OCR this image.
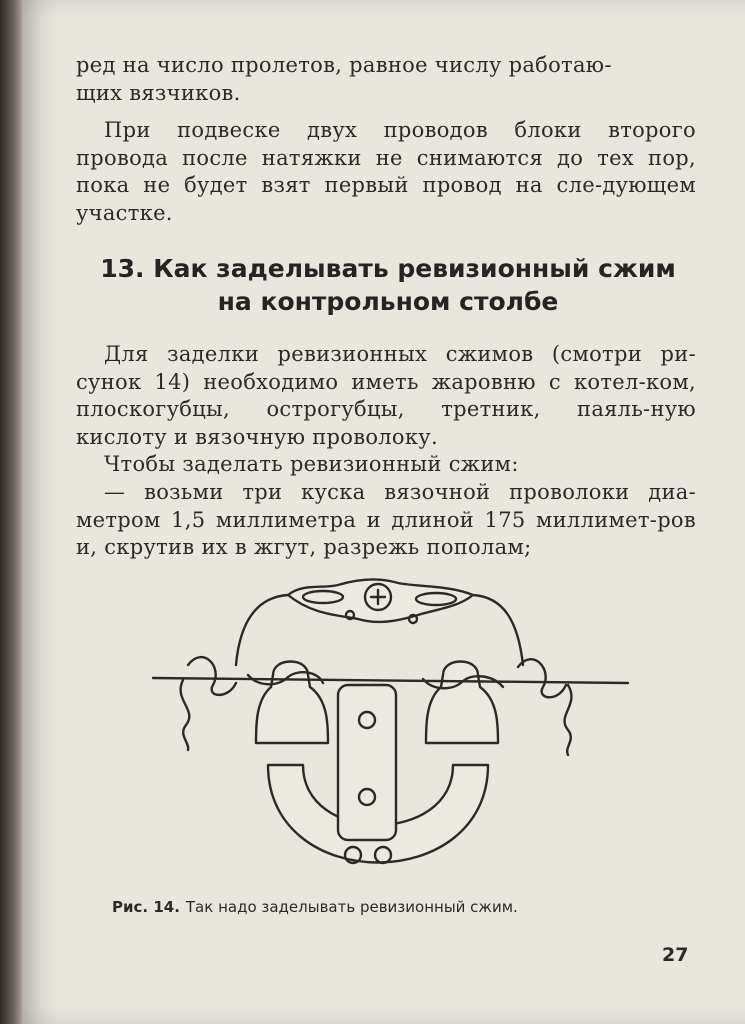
ред на число пролетов, равное числу работаю-
щих вязчиков.
При подвеске двух проводов блоки второго провода после натяжки не снимаются до тех пор, пока не будет взят первый провод на сле-дующем участке.
13. Как заделывать ревизионный сжим
на контрольном столбе
Для заделки ревизионных сжимов (смотри ри-сунок 14) необходимо иметь жаровню с котел-ком, плоскогубцы, острогубцы, третник, паяль-ную кислоту и вязочную проволоку.
Чтобы заделать ревизионный сжим:
— возьми три куска вязочной проволоки диа-метром 1,5 миллиметра и длиной 175 миллимет-ров и, скрутив их в жгут, разрежь пополам;
Рис. 14. Так надо заделывать ревизионный сжим.
27
